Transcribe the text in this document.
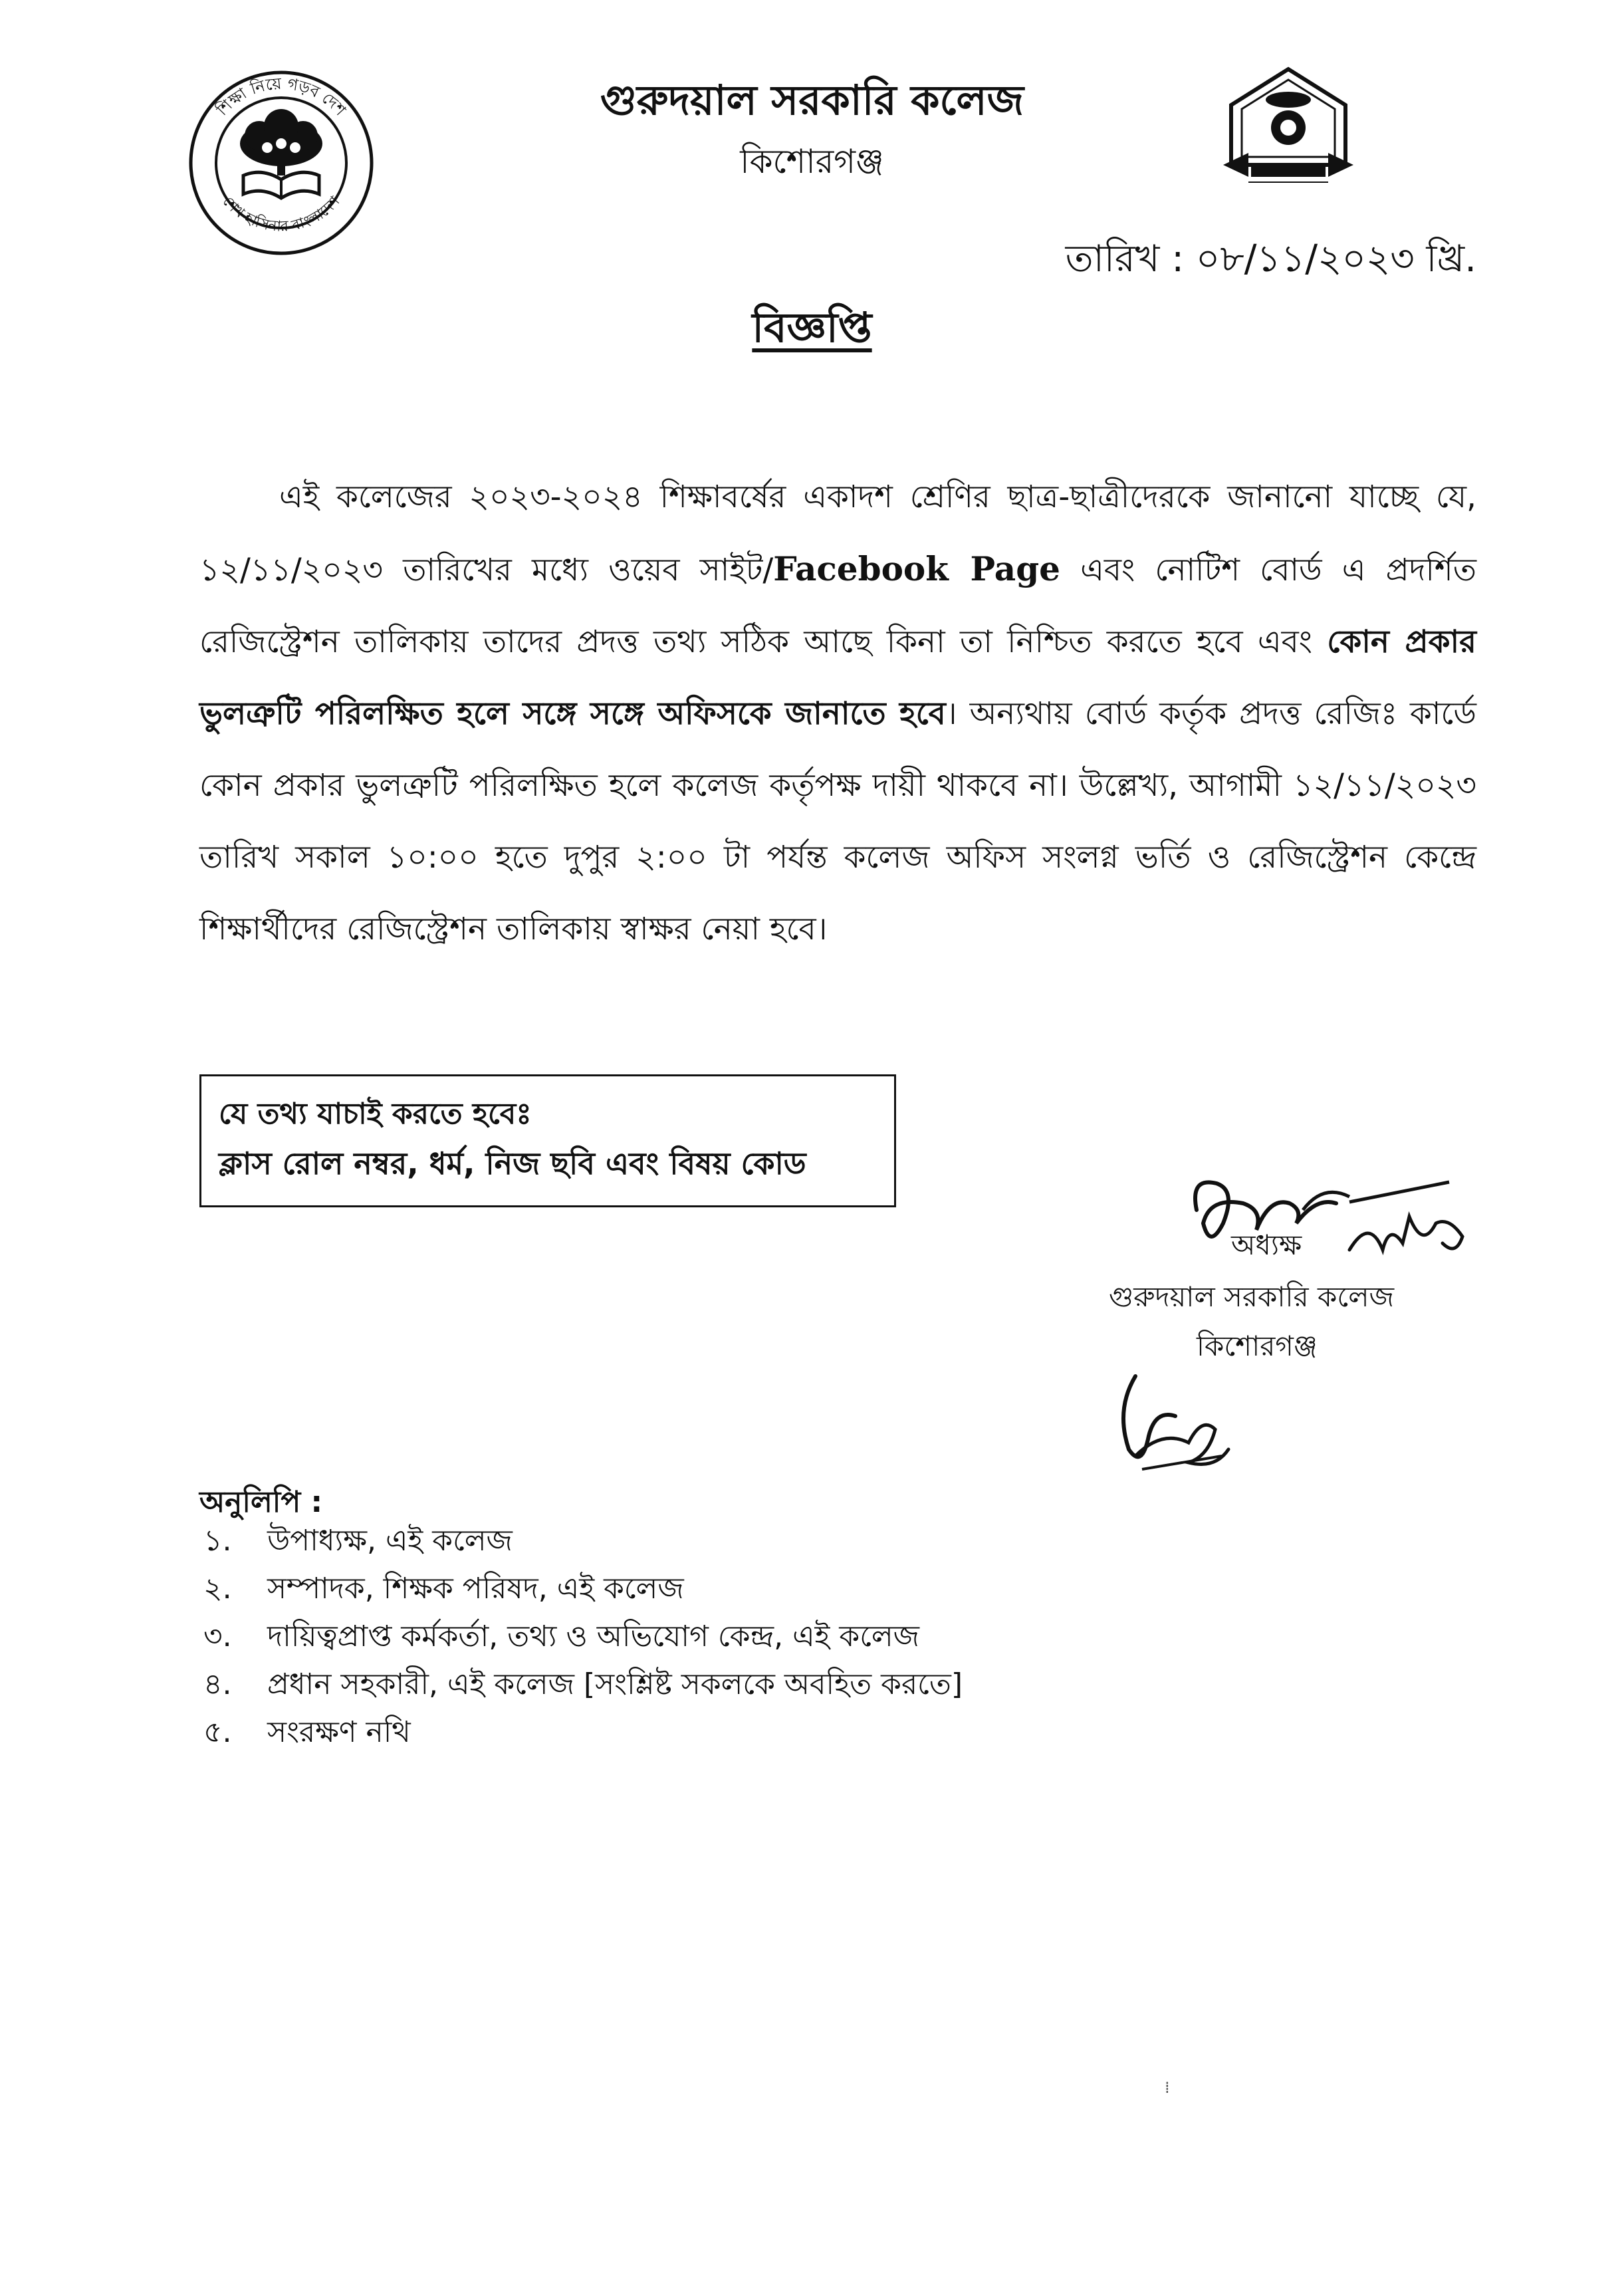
শিক্ষা নিয়ে গড়ব দেশ
শেখ হাসিনার বাংলাদেশ
গুরুদয়াল সরকারি কলেজ
কিশোরগঞ্জ
তারিখ : ০৮/১১/২০২৩ খ্রি.
বিজ্ঞপ্তি
এই কলেজের ২০২৩-২০২৪ শিক্ষাবর্ষের একাদশ শ্রেণির ছাত্র-ছাত্রীদেরকে জানানো যাচ্ছে যে, ১২/১১/২০২৩ তারিখের মধ্যে ওয়েব সাইট/Facebook Page এবং নোটিশ বোর্ড এ প্রদর্শিত রেজিস্ট্রেশন তালিকায় তাদের প্রদত্ত তথ্য সঠিক আছে কিনা তা নিশ্চিত করতে হবে এবং কোন প্রকার ভুলত্রুটি পরিলক্ষিত হলে সঙ্গে সঙ্গে অফিসকে জানাতে হবে। অন্যথায় বোর্ড কর্তৃক প্রদত্ত রেজিঃ কার্ডে কোন প্রকার ভুলত্রুটি পরিলক্ষিত হলে কলেজ কর্তৃপক্ষ দায়ী থাকবে না। উল্লেখ্য, আগামী ১২/১১/২০২৩ তারিখ সকাল ১০:০০ হতে দুপুর ২:০০ টা পর্যন্ত কলেজ অফিস সংলগ্ন ভর্তি ও রেজিস্ট্রেশন কেন্দ্রে শিক্ষার্থীদের রেজিস্ট্রেশন তালিকায় স্বাক্ষর নেয়া হবে।
যে তথ্য যাচাই করতে হবেঃ
ক্লাস রোল নম্বর, ধর্ম, নিজ ছবি এবং বিষয় কোড
অধ্যক্ষ
গুরুদয়াল সরকারি কলেজ
কিশোরগঞ্জ
অনুলিপি :
১.	উপাধ্যক্ষ, এই কলেজ
২.	সম্পাদক, শিক্ষক পরিষদ, এই কলেজ
৩.	দায়িত্বপ্রাপ্ত কর্মকর্তা, তথ্য ও অভিযোগ কেন্দ্র, এই কলেজ
৪.	প্রধান সহকারী, এই কলেজ [সংশ্লিষ্ট সকলকে অবহিত করতে]
৫.	সংরক্ষণ নথি
⁞
